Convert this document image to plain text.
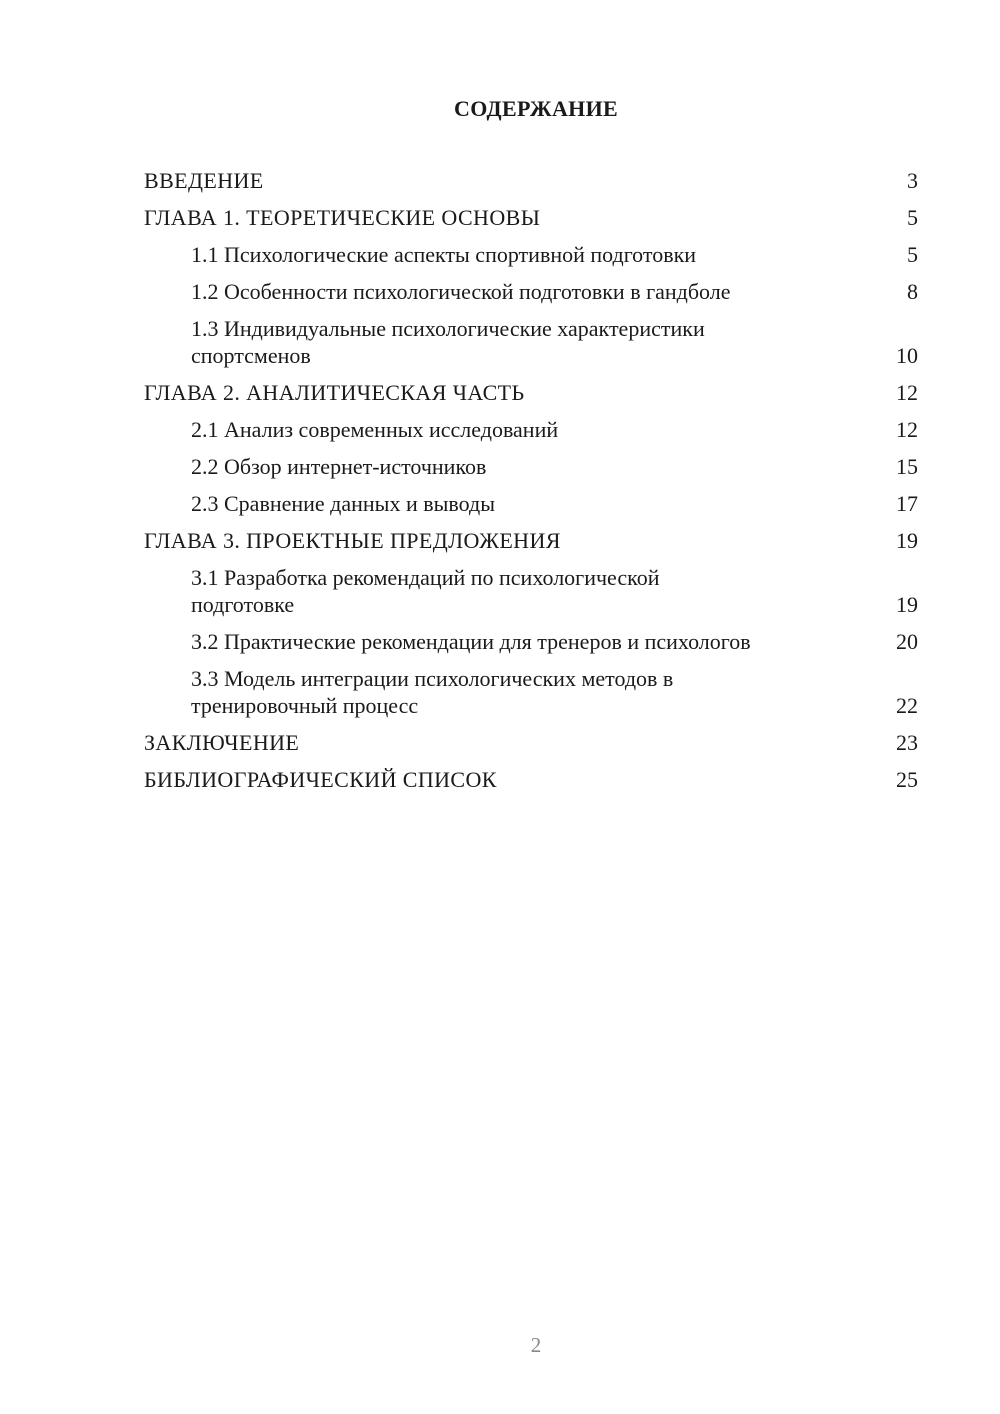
СОДЕРЖАНИЕ
ВВЕДЕНИЕ	3
ГЛАВА 1. ТЕОРЕТИЧЕСКИЕ ОСНОВЫ	5
1.1 Психологические аспекты спортивной подготовки	5
1.2 Особенности психологической подготовки в гандболе	8
1.3 Индивидуальные психологические характеристики спортсменов	10
ГЛАВА 2. АНАЛИТИЧЕСКАЯ ЧАСТЬ	12
2.1 Анализ современных исследований	12
2.2 Обзор интернет-источников	15
2.3 Сравнение данных и выводы	17
ГЛАВА 3. ПРОЕКТНЫЕ ПРЕДЛОЖЕНИЯ	19
3.1 Разработка рекомендаций по психологической подготовке	19
3.2 Практические рекомендации для тренеров и психологов	20
3.3 Модель интеграции психологических методов в тренировочный процесс	22
ЗАКЛЮЧЕНИЕ	23
БИБЛИОГРАФИЧЕСКИЙ СПИСОК	25
2
